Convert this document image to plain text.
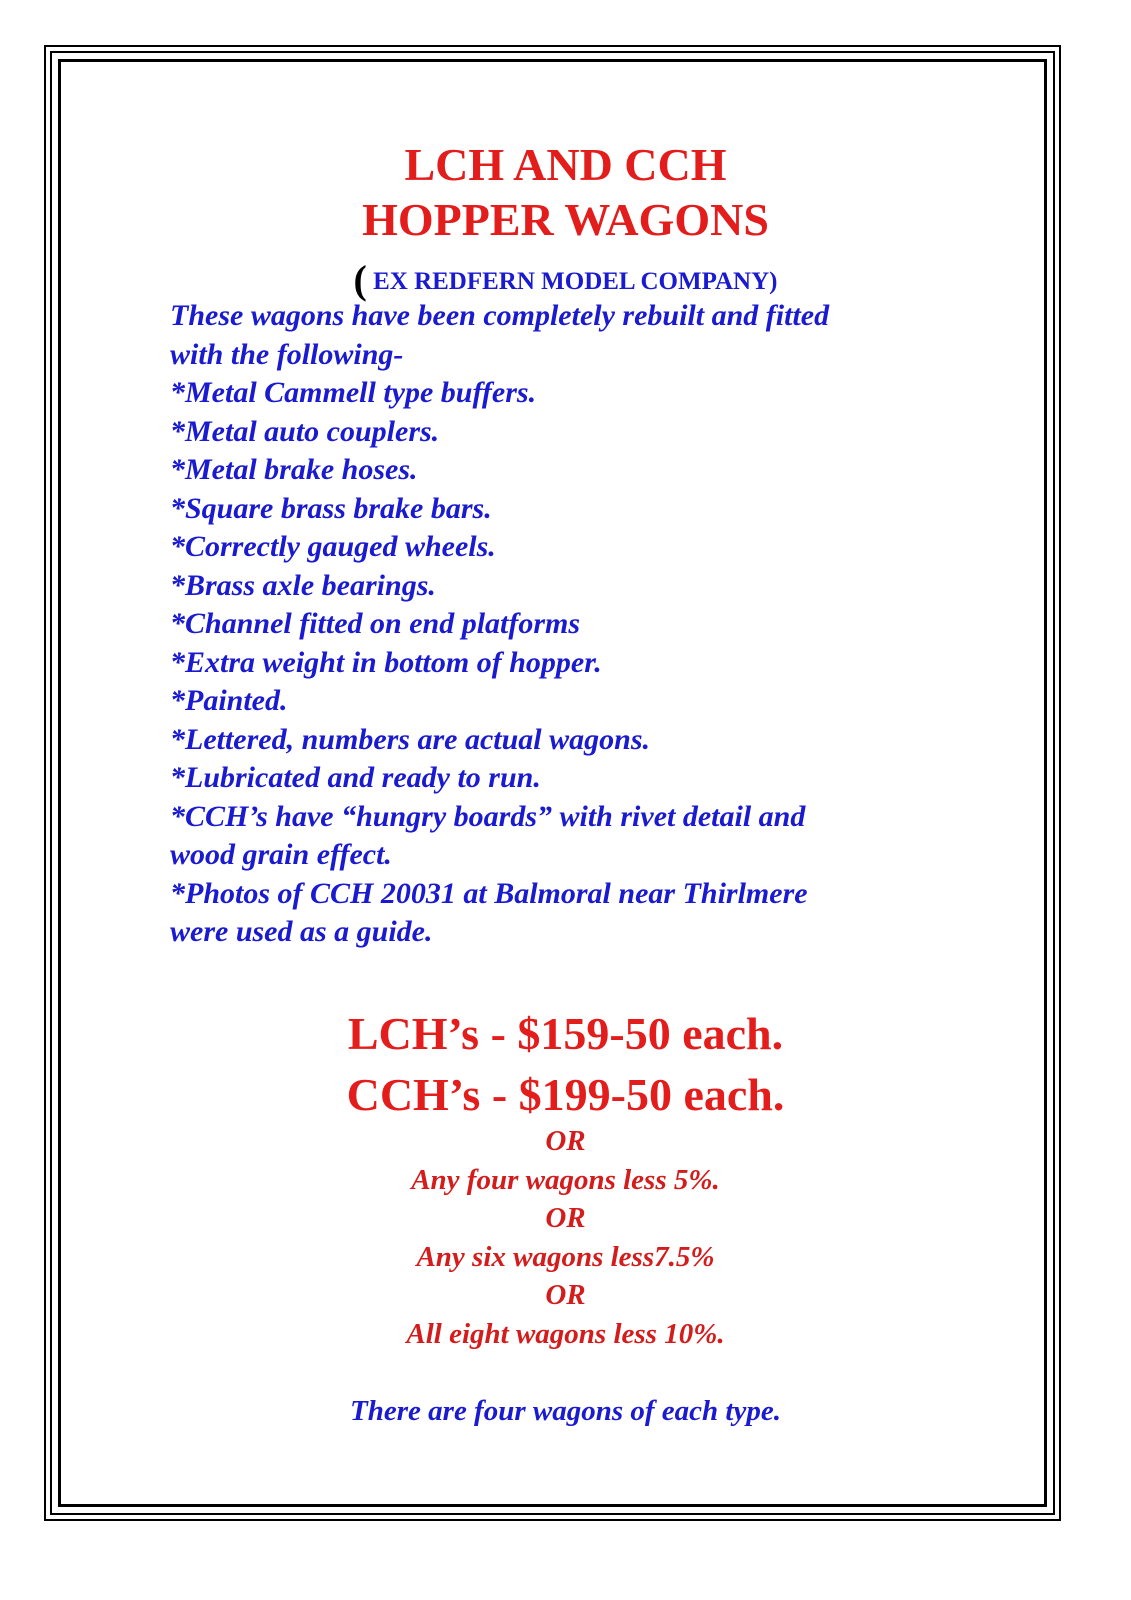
LCH AND CCH

HOPPER WAGONS

( EX REDFERN MODEL COMPANY)

These wagons have been completely rebuilt and fitted

with the following-

*Metal Cammell type buffers.

*Metal auto couplers.

*Metal brake hoses.

*Square brass brake bars.

*Correctly gauged wheels.

*Brass axle bearings.

*Channel fitted on end platforms

*Extra weight in bottom of hopper.

*Painted.

*Lettered, numbers are actual wagons.

*Lubricated and ready to run.

*CCH’s have “hungry boards” with rivet detail and

wood grain effect.

*Photos of CCH 20031 at Balmoral near Thirlmere

were used as a guide.

LCH’s - $159-50 each.

CCH’s - $199-50 each.

OR

Any four wagons less 5%.

OR

Any six wagons less7.5%

OR

All eight wagons less 10%.

There are four wagons of each type.
